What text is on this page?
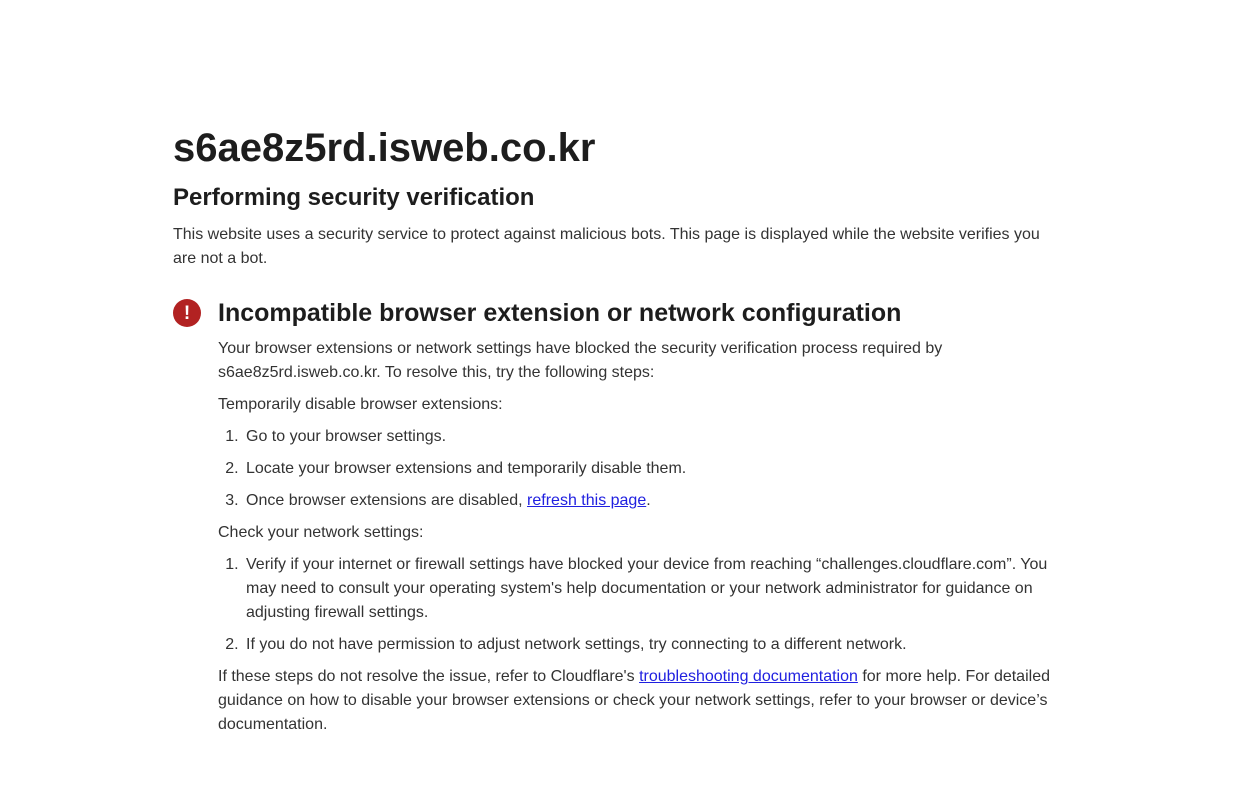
s6ae8z5rd.isweb.co.kr
Performing security verification

This website uses a security service to protect against malicious bots. This page is displayed while the website verifies you are not a bot.

! Incompatible browser extension or network configuration

Your browser extensions or network settings have blocked the security verification process required by s6ae8z5rd.isweb.co.kr. To resolve this, try the following steps:

Temporarily disable browser extensions:

1. Go to your browser settings.
2. Locate your browser extensions and temporarily disable them.
3. Once browser extensions are disabled, refresh this page.

Check your network settings:

1. Verify if your internet or firewall settings have blocked your device from reaching “challenges.cloudflare.com”. You may need to consult your operating system's help documentation or your network administrator for guidance on adjusting firewall settings.
2. If you do not have permission to adjust network settings, try connecting to a different network.

If these steps do not resolve the issue, refer to Cloudflare's troubleshooting documentation for more help. For detailed guidance on how to disable your browser extensions or check your network settings, refer to your browser or device’s documentation.
